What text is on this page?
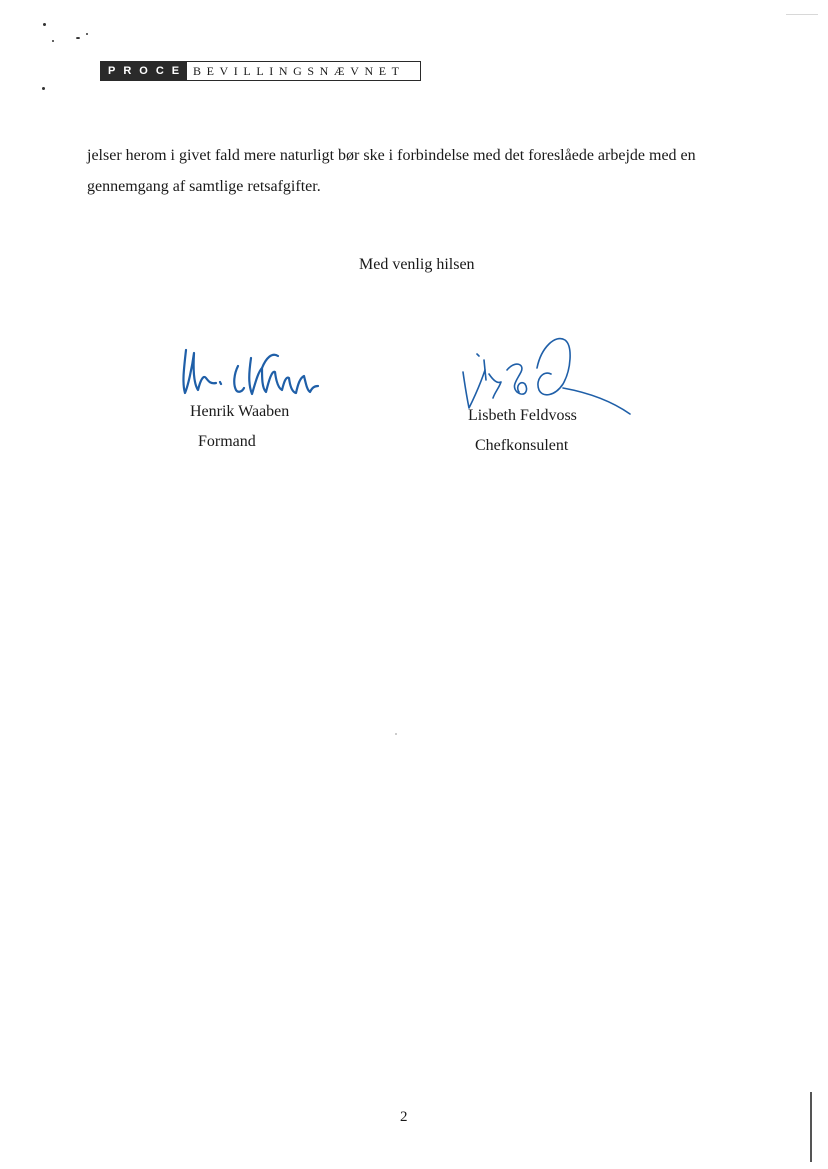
PROCES
BEVILLINGSNÆVNET

jelser herom i givet fald mere naturligt bør ske i forbindelse med det foreslåede arbejde med en
gennemgang af samtlige retsafgifter.

Med venlig hilsen

Henrik Waaben

Formand

Lisbeth Feldvoss

Chefkonsulent

2
